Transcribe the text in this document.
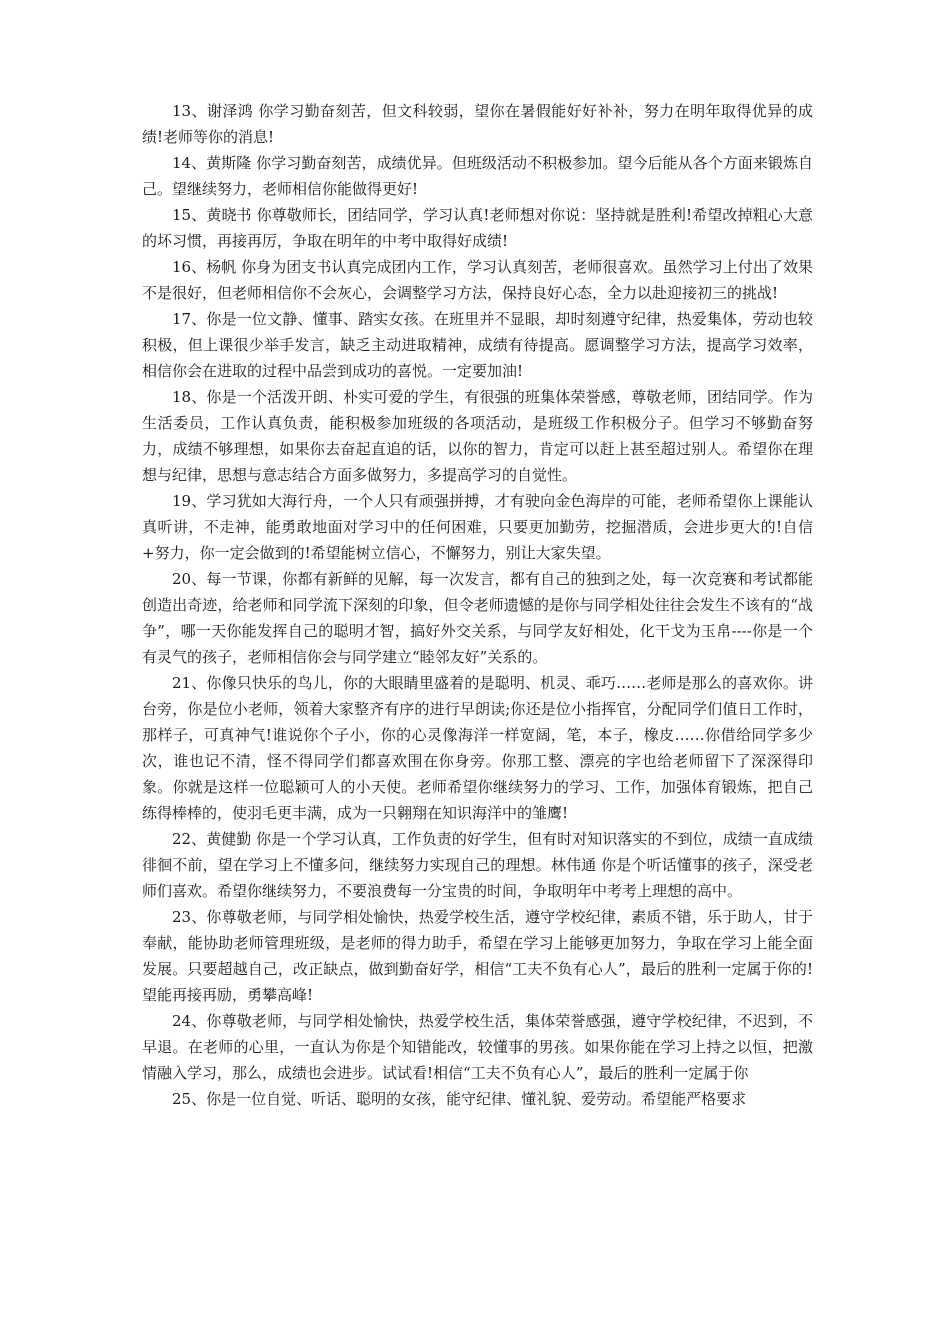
13、谢泽鸿 你学习勤奋刻苦，但文科较弱，望你在暑假能好好补补，努力在明年取得优异的成绩!老师等你的消息!

14、黄斯隆 你学习勤奋刻苦，成绩优异。但班级活动不积极参加。望今后能从各个方面来锻炼自己。望继续努力，老师相信你能做得更好!

15、黄晓书 你尊敬师长，团结同学，学习认真!老师想对你说：坚持就是胜利!希望改掉粗心大意的坏习惯，再接再厉，争取在明年的中考中取得好成绩!

16、杨帆 你身为团支书认真完成团内工作，学习认真刻苦，老师很喜欢。虽然学习上付出了效果不是很好，但老师相信你不会灰心，会调整学习方法，保持良好心态，全力以赴迎接初三的挑战!

17、你是一位文静、懂事、踏实女孩。在班里并不显眼，却时刻遵守纪律，热爱集体，劳动也较积极，但上课很少举手发言，缺乏主动进取精神，成绩有待提高。愿调整学习方法，提高学习效率，相信你会在进取的过程中品尝到成功的喜悦。一定要加油!

18、你是一个活泼开朗、朴实可爱的学生，有很强的班集体荣誉感，尊敬老师，团结同学。作为生活委员，工作认真负责，能积极参加班级的各项活动，是班级工作积极分子。但学习不够勤奋努力，成绩不够理想，如果你去奋起直追的话，以你的智力，肯定可以赶上甚至超过别人。希望你在理想与纪律，思想与意志结合方面多做努力，多提高学习的自觉性。

19、学习犹如大海行舟，一个人只有顽强拼搏，才有驶向金色海岸的可能，老师希望你上课能认真听讲，不走神，能勇敢地面对学习中的任何困难，只要更加勤劳，挖掘潜质，会进步更大的!自信+努力，你一定会做到的!希望能树立信心，不懈努力，别让大家失望。

20、每一节课，你都有新鲜的见解，每一次发言，都有自己的独到之处，每一次竞赛和考试都能创造出奇迹，给老师和同学流下深刻的印象，但令老师遗憾的是你与同学相处往往会发生不该有的“战争”，哪一天你能发挥自己的聪明才智，搞好外交关系，与同学友好相处，化干戈为玉帛----你是一个有灵气的孩子，老师相信你会与同学建立“睦邻友好”关系的。

21、你像只快乐的鸟儿，你的大眼睛里盛着的是聪明、机灵、乖巧……老师是那么的喜欢你。讲台旁，你是位小老师，领着大家整齐有序的进行早朗读;你还是位小指挥官，分配同学们值日工作时，那样子，可真神气!谁说你个子小，你的心灵像海洋一样宽阔，笔，本子，橡皮……你借给同学多少次，谁也记不清，怪不得同学们都喜欢围在你身旁。你那工整、漂亮的字也给老师留下了深深得印象。你就是这样一位聪颖可人的小天使。老师希望你继续努力的学习、工作，加强体育锻炼，把自己练得棒棒的，使羽毛更丰满，成为一只翱翔在知识海洋中的雏鹰!

22、黄健勤 你是一个学习认真，工作负责的好学生，但有时对知识落实的不到位，成绩一直成绩徘徊不前，望在学习上不懂多问，继续努力实现自己的理想。林伟通 你是个听话懂事的孩子，深受老师们喜欢。希望你继续努力，不要浪费每一分宝贵的时间，争取明年中考考上理想的高中。

23、你尊敬老师，与同学相处愉快，热爱学校生活，遵守学校纪律，素质不错，乐于助人，甘于奉献，能协助老师管理班级，是老师的得力助手，希望在学习上能够更加努力，争取在学习上能全面发展。只要超越自己，改正缺点，做到勤奋好学，相信“工夫不负有心人”，最后的胜利一定属于你的!望能再接再励，勇攀高峰!

24、你尊敬老师，与同学相处愉快，热爱学校生活，集体荣誉感强，遵守学校纪律，不迟到，不早退。在老师的心里，一直认为你是个知错能改，较懂事的男孩。如果你能在学习上持之以恒，把激情融入学习，那么，成绩也会进步。试试看!相信“工夫不负有心人”，最后的胜利一定属于你

25、你是一位自觉、听话、聪明的女孩，能守纪律、懂礼貌、爱劳动。希望能严格要求
